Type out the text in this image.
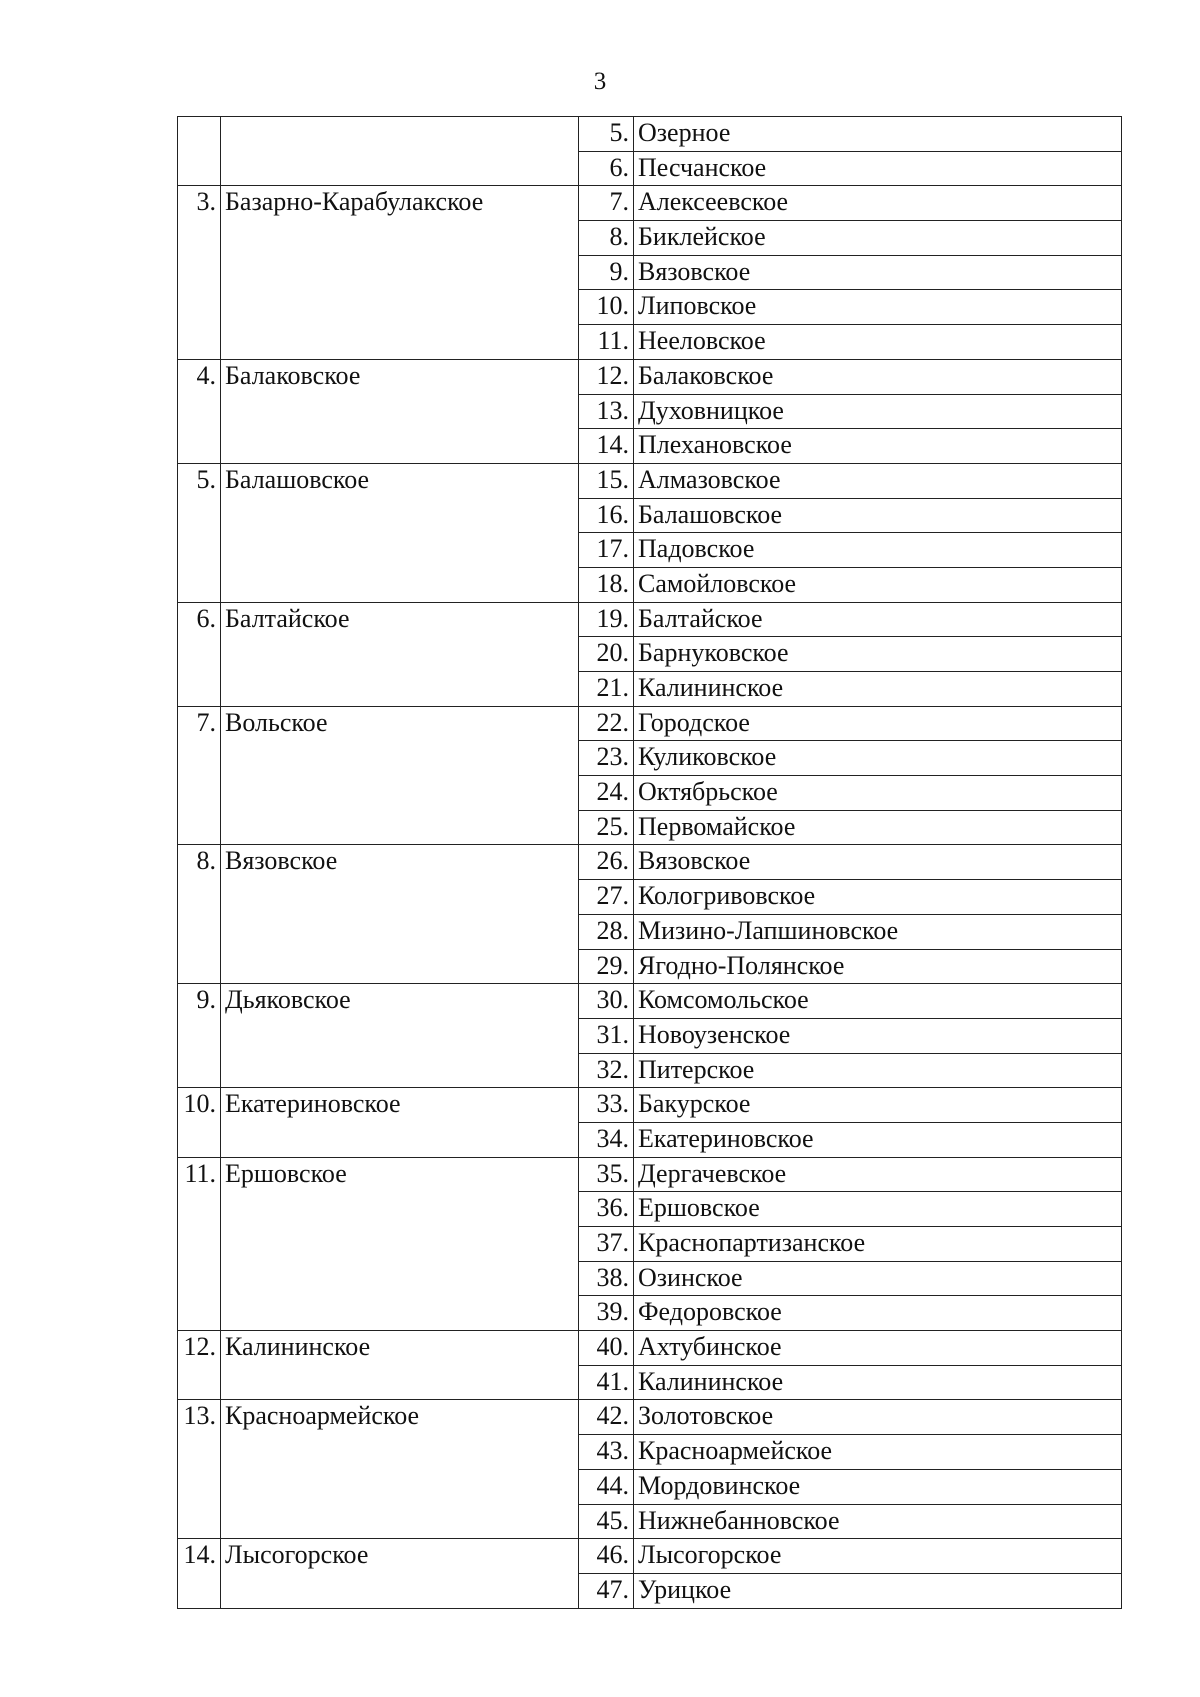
3
		5.	Озерное
		6.	Песчанское
3.	Базарно-Карабулакское	7.	Алексеевское
		8.	Биклейское
		9.	Вязовское
		10.	Липовское
		11.	Нееловское
4.	Балаковское	12.	Балаковское
		13.	Духовницкое
		14.	Плехановское
5.	Балашовское	15.	Алмазовское
		16.	Балашовское
		17.	Падовское
		18.	Самойловское
6.	Балтайское	19.	Балтайское
		20.	Барнуковское
		21.	Калининское
7.	Вольское	22.	Городское
		23.	Куликовское
		24.	Октябрьское
		25.	Первомайское
8.	Вязовское	26.	Вязовское
		27.	Кологривовское
		28.	Мизино-Лапшиновское
		29.	Ягодно-Полянское
9.	Дьяковское	30.	Комсомольское
		31.	Новоузенское
		32.	Питерское
10.	Екатериновское	33.	Бакурское
		34.	Екатериновское
11.	Ершовское	35.	Дергачевское
		36.	Ершовское
		37.	Краснопартизанское
		38.	Озинское
		39.	Федоровское
12.	Калининское	40.	Ахтубинское
		41.	Калининское
13.	Красноармейское	42.	Золотовское
		43.	Красноармейское
		44.	Мордовинское
		45.	Нижнебанновское
14.	Лысогорское	46.	Лысогорское
		47.	Урицкое
